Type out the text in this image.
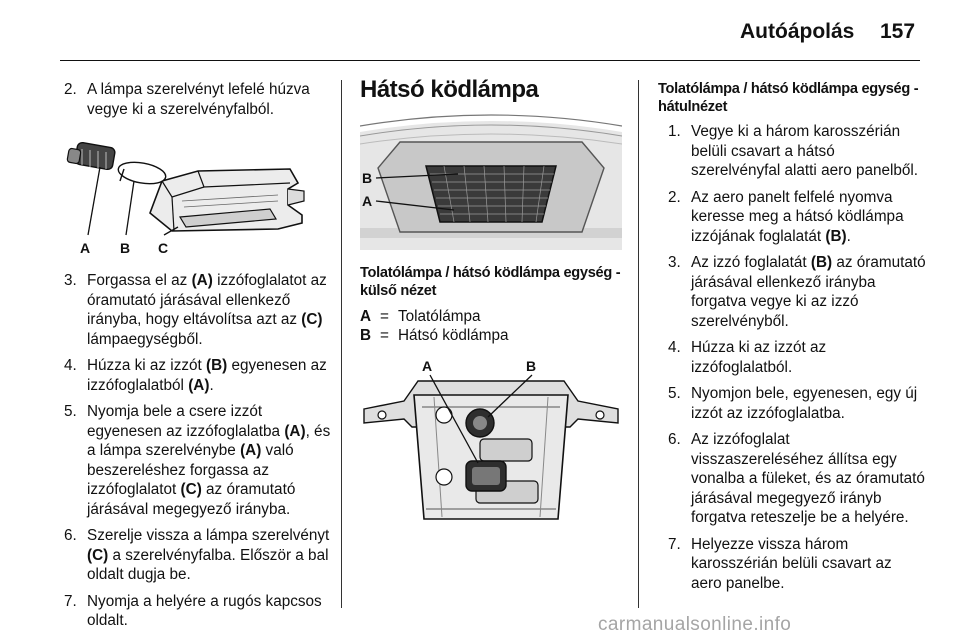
Autóápolás 157
2. A lámpa szerelvényt lefelé húzva vegye ki a szerelvényfalból.
A B C
3. Forgassa el az (A) izzófoglalatot az óramutató járásával ellenkező irányba, hogy eltávolítsa azt az (C) lámpaegységből.
4. Húzza ki az izzót (B) egyenesen az izzófoglalatból (A).
5. Nyomja bele a csere izzót egyenesen az izzófoglalatba (A), és a lámpa szerelvénybe (A) való beszereléshez forgassa az izzófoglalatot (C) az óramutató járásával megegyező irányba.
6. Szerelje vissza a lámpa szerelvényt (C) a szerelvényfalba. Először a bal oldalt dugja be.
7. Nyomja a helyére a rugós kapcsos oldalt.
Hátsó ködlámpa
B
A
Tolatólámpa / hátsó ködlámpa egység - külső nézet
A = Tolatólámpa
B = Hátsó ködlámpa
A	B
Tolatólámpa / hátsó ködlámpa egység - hátulnézet
1. Vegye ki a három karosszérián belüli csavart a hátsó szerelvényfal alatti aero panelből.
2. Az aero panelt felfelé nyomva keresse meg a hátsó ködlámpa izzójának foglalatát (B).
3. Az izzó foglalatát (B) az óramutató járásával ellenkező irányba forgatva vegye ki az izzó szerelvényből.
4. Húzza ki az izzót az izzófoglalatból.
5. Nyomjon bele, egyenesen, egy új izzót az izzófoglalatba.
6. Az izzófoglalat visszaszereléséhez állítsa egy vonalba a füleket, és az óramutató járásával megegyező irányb forgatva reteszelje be a helyére.
7. Helyezze vissza három karosszérián belüli csavart az aero panelbe.
carmanualsonline.info
